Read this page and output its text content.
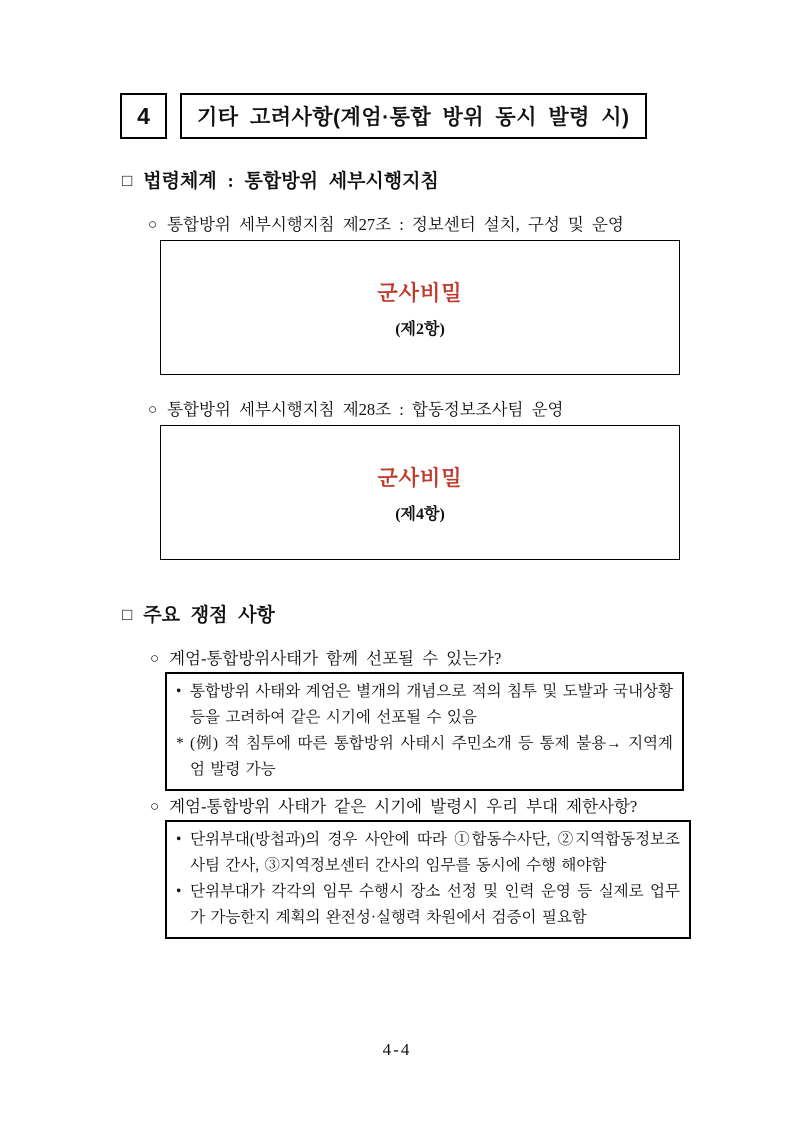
4 기타 고려사항(계엄·통합 방위 동시 발령 시)
□ 법령체계 : 통합방위 세부시행지침
○ 통합방위 세부시행지침 제27조 : 정보센터 설치, 구성 및 운영
군사비밀
(제2항)
○ 통합방위 세부시행지침 제28조 : 합동정보조사팀 운영
군사비밀
(제4항)
□ 주요 쟁점 사항
○ 계엄-통합방위사태가 함께 선포될 수 있는가?
• 통합방위 사태와 계엄은 별개의 개념으로 적의 침투 및 도발과 국내상황 등을 고려하여 같은 시기에 선포될 수 있음
* (例) 적 침투에 따른 통합방위 사태시 주민소개 등 통제 불용→ 지역계엄 발령 가능
○ 계엄-통합방위 사태가 같은 시기에 발령시 우리 부대 제한사항?
• 단위부대(방첩과)의 경우 사안에 따라 ①합동수사단, ②지역합동정보조사팀 간사, ③지역정보센터 간사의 임무를 동시에 수행 해야함
• 단위부대가 각각의 임무 수행시 장소 선정 및 인력 운영 등 실제로 업무가 가능한지 계획의 완전성·실행력 차원에서 검증이 필요함
4-4
